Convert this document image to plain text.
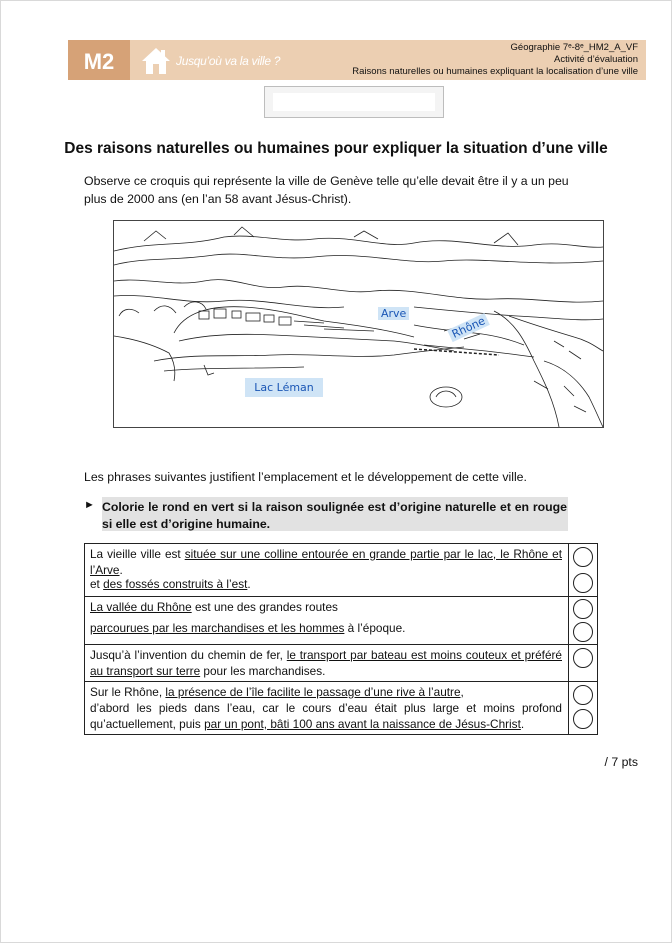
M2	Jusqu’où va la ville ?
Géographie 7ᵉ-8ᵉ_HM2_A_VF
Activité d’évaluation
Raisons naturelles ou humaines expliquant la localisation d’une ville
Des raisons naturelles ou humaines pour expliquer la situation d’une ville
Observe ce croquis qui représente la ville de Genève telle qu’elle devait être il y a un peu plus de 2000 ans (en l’an 58 avant Jésus-Christ).
Arve
Rhône
Lac Léman
Les phrases suivantes justifient l’emplacement et le développement de cette ville.
► Colorie le rond en vert si la raison soulignée est d’origine naturelle et en rouge si elle est d’origine humaine.
La vieille ville est située sur une colline entourée en grande partie par le lac, le Rhône et l’Arve.
et des fossés construits à l’est.	

La vallée du Rhône est une des grandes routes
parcourues par les marchandises et les hommes à l’époque.	

Jusqu’à l’invention du chemin de fer, le transport par bateau est moins couteux et préféré au transport sur terre pour les marchandises.	

Sur le Rhône, la présence de l’île facilite le passage d’une rive à l’autre,
d’abord les pieds dans l’eau, car le cours d’eau était plus large et moins profond qu’actuellement, puis par un pont, bâti 100 ans avant la naissance de Jésus-Christ.	

/ 7 pts
